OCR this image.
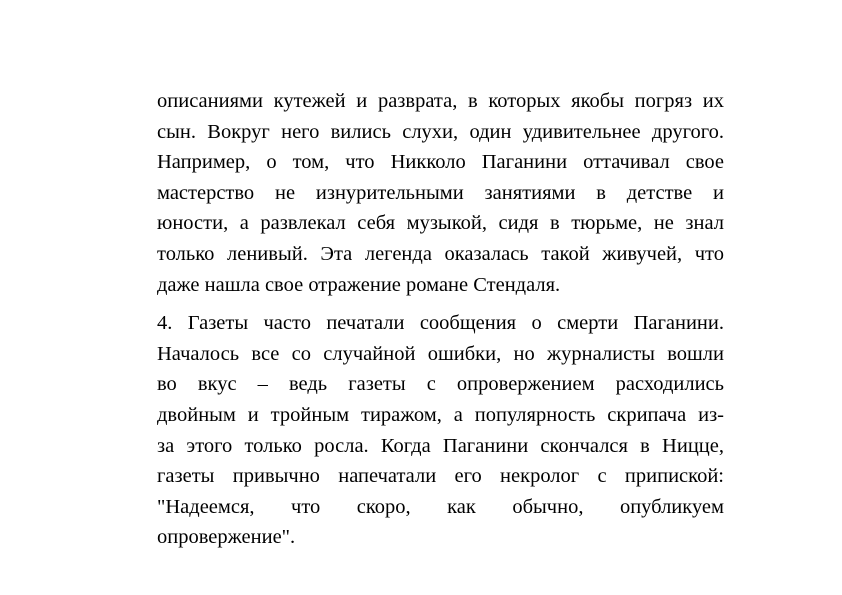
описаниями кутежей и разврата, в которых якобы погряз их
сын. Вокруг него вились слухи, один удивительнее другого.
Например, о том, что Никколо Паганини оттачивал свое
мастерство не изнурительными занятиями в детстве и
юности, а развлекал себя музыкой, сидя в тюрьме, не знал
только ленивый. Эта легенда оказалась такой живучей, что
даже нашла свое отражение романе Стендаля.

4. Газеты часто печатали сообщения о смерти Паганини.
Началось все со случайной ошибки, но журналисты вошли
во вкус – ведь газеты с опровержением расходились
двойным и тройным тиражом, а популярность скрипача из-
за этого только росла. Когда Паганини скончался в Ницце,
газеты привычно напечатали его некролог с припиской:
"Надеемся, что скоро, как обычно, опубликуем
опровержение".
